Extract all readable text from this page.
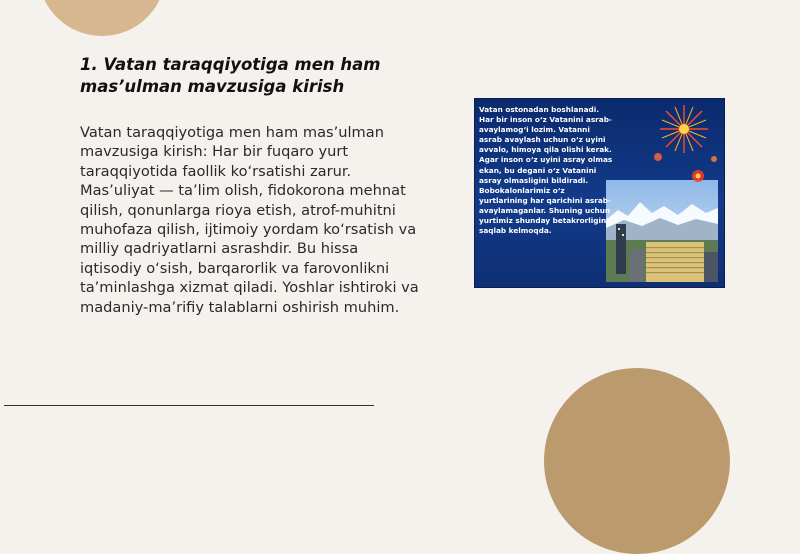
1. Vatan taraqqiyotiga men ham mas’ulman mavzusiga kirish

Vatan taraqqiyotiga men ham mas’ulman mavzusiga kirish: Har bir fuqaro yurt taraqqiyotida faollik ko‘rsatishi zarur. Mas’uliyat — ta’lim olish, fidokorona mehnat qilish, qonunlarga rioya etish, atrof-muhitni muhofaza qilish, ijtimoiy yordam ko‘rsatish va milliy qadriyatlarni asrashdir. Bu hissa iqtisodiy o‘sish, barqarorlik va farovonlikni ta’minlashga xizmat qiladi. Yoshlar ishtiroki va madaniy-ma’rifiy talablarni oshirish muhim.

Vatan ostonadan boshlanadi. Har bir inson o‘z Vatanini asrab-avaylamog‘i lozim. Vatanni asrab avaylash uchun o‘z uyini avvalo, himoya qila olishi kerak. Agar inson o‘z uyini asray olmas ekan, bu degani o‘z Vatanini asray olmasligini bildiradi. Bobokalonlarimiz o‘z yurtlarining har qarichini asrab-avaylamaganlar. Shuning uchun yurtimiz shunday betakrorligini saqlab kelmoqda.
